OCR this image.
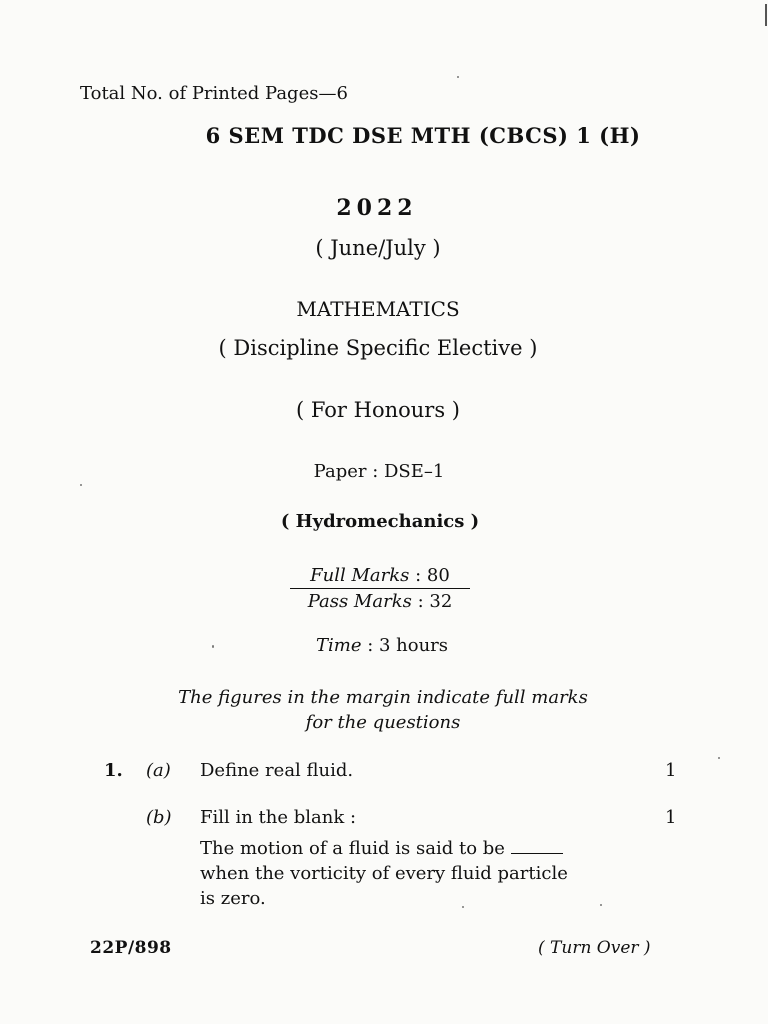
Total No. of Printed Pages—6
6 SEM TDC DSE MTH (CBCS) 1 (H)
2022
( June/July )
MATHEMATICS
( Discipline Specific Elective )
( For Honours )
Paper : DSE–1
( Hydromechanics )
Full Marks : 80
Pass Marks : 32
Time : 3 hours
The figures in the margin indicate full marks
for the questions
1. (a) Define real fluid.	1
(b) Fill in the blank :	1
The motion of a fluid is said to be
when the vorticity of every fluid particle
is zero.
22P/898	( Turn Over )
